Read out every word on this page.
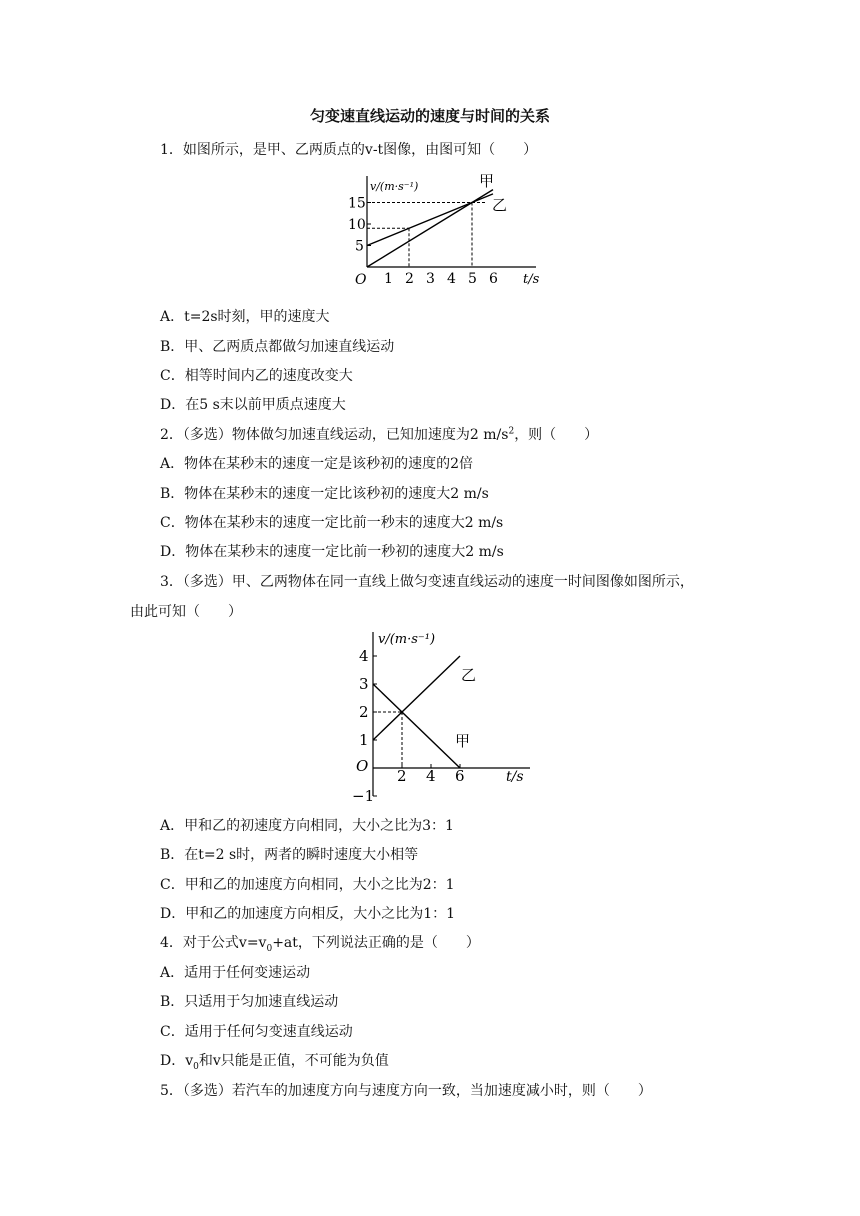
匀变速直线运动的速度与时间的关系
1．如图所示，是甲、乙两质点的v-t图像，由图可知（　　）
1 2 3 4 5 6
5
10
15
v/(m·s⁻¹)
t/s
O
甲
乙
A．t=2s时刻，甲的速度大
B．甲、乙两质点都做匀加速直线运动
C．相等时间内乙的速度改变大
D．在5 s末以前甲质点速度大
2．（多选）物体做匀加速直线运动，已知加速度为2 $m/s^2$，则（　　）
A．物体在某秒末的速度一定是该秒初的速度的2倍
B．物体在某秒末的速度一定比该秒初的速度大2 m/s
C．物体在某秒末的速度一定比前一秒末的速度大2 m/s
D．物体在某秒末的速度一定比前一秒初的速度大2 m/s
3．（多选）甲、乙两物体在同一直线上做匀变速直线运动的速度一时间图像如图所示，
由此可知（　　）
2 4 6
4
3
2
1
−1
v/(m·s⁻¹)
t/s
O
乙
甲
A．甲和乙的初速度方向相同，大小之比为3：1
B．在t=2 s时，两者的瞬时速度大小相等
C．甲和乙的加速度方向相同，大小之比为2：1
D．甲和乙的加速度方向相反，大小之比为1：1
4．对于公式$v=v_0+at$，下列说法正确的是（　　）
A．适用于任何变速运动
B．只适用于匀加速直线运动
C．适用于任何匀变速直线运动
D．$v_0$和v只能是正值，不可能为负值
5．（多选）若汽车的加速度方向与速度方向一致，当加速度减小时，则（　　）
